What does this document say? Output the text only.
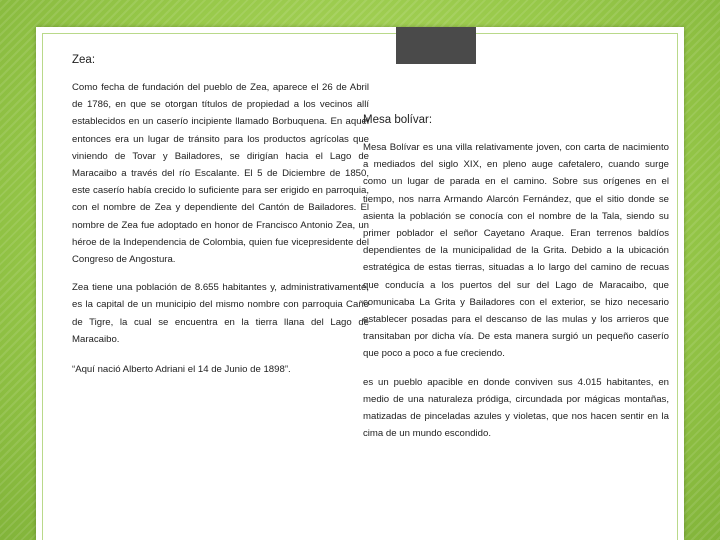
Zea:

Como fecha de fundación del pueblo de Zea, aparece el 26 de Abril de 1786, en que se otorgan títulos de propiedad a los vecinos allí establecidos en un caserío incipiente llamado Borbuquena. En aquel entonces era un lugar de tránsito para los productos agrícolas que viniendo de Tovar y Bailadores, se dirigían hacia el Lago de Maracaibo a través del río Escalante. El 5 de Diciembre de 1850, este caserío había crecido lo suficiente para ser erigido en parroquia, con el nombre de Zea y dependiente del Cantón de Bailadores. El nombre de Zea fue adoptado en honor de Francisco Antonio Zea, un héroe de la Independencia de Colombia, quien fue vicepresidente del Congreso de Angostura.

Zea tiene una población de 8.655 habitantes y, administrativamente, es la capital de un municipio del mismo nombre con parroquia Caño de Tigre, la cual se encuentra en la tierra llana del Lago de Maracaibo.

“Aquí nació Alberto Adriani el 14 de Junio de 1898”.

Mesa bolívar:

Mesa Bolívar es una villa relativamente joven, con carta de nacimiento a mediados del siglo XIX, en pleno auge cafetalero, cuando surge como un lugar de parada en el camino. Sobre sus orígenes en el tiempo, nos narra Armando Alarcón Fernández, que el sitio donde se asienta la población se conocía con el nombre de la Tala, siendo su primer poblador el señor Cayetano Araque. Eran terrenos baldíos dependientes de la municipalidad de la Grita. Debido a la ubicación estratégica de estas tierras, situadas a lo largo del camino de recuas que conducía a los puertos del sur del Lago de Maracaibo, que comunicaba La Grita y Bailadores con el exterior, se hizo necesario establecer posadas para el descanso de las mulas y los arrieros que transitaban por dicha vía. De esta manera surgió un pequeño caserío que poco a poco a fue creciendo.

es un pueblo apacible en donde conviven sus 4.015 habitantes, en medio de una naturaleza pródiga, circundada por mágicas montañas, matizadas de pinceladas azules y violetas, que nos hacen sentir en la cima de un mundo escondido.
